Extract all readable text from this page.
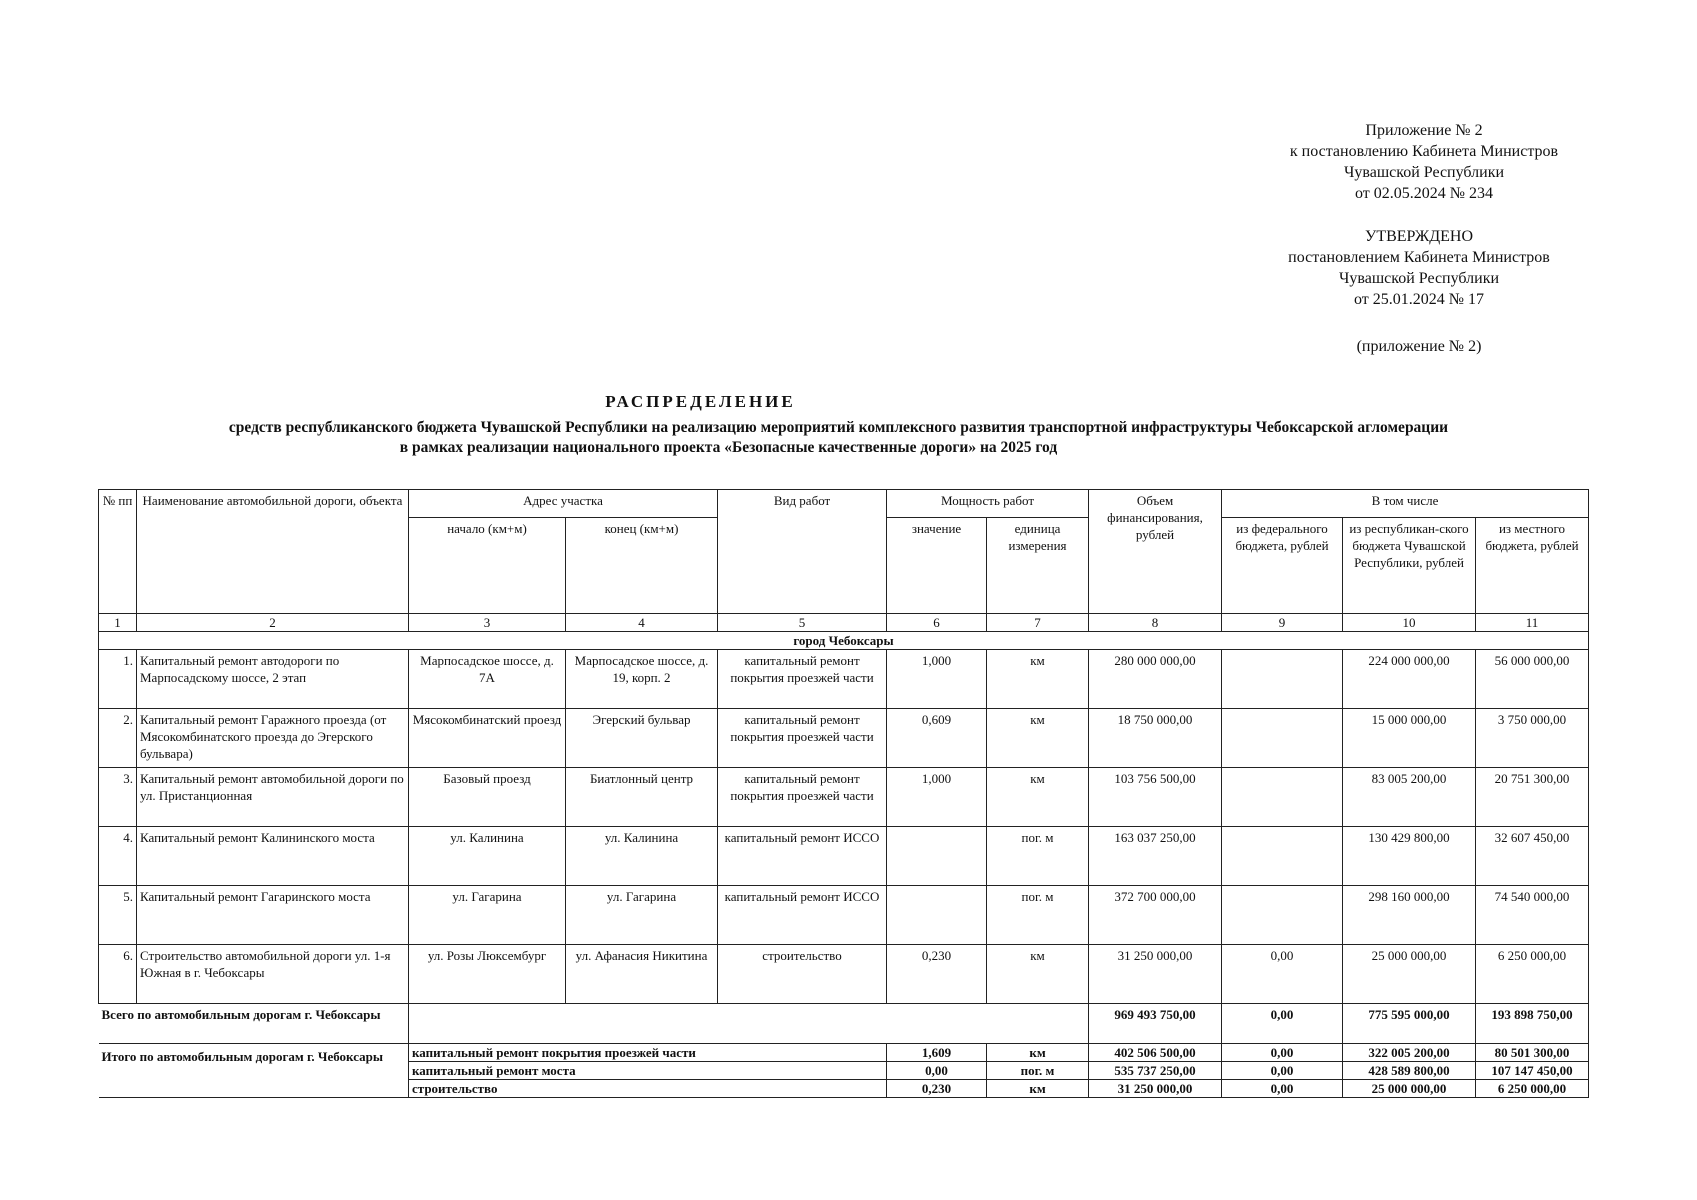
Приложение № 2
к постановлению Кабинета Министров
Чувашской Республики
от 02.05.2024 № 234
УТВЕРЖДЕНО
постановлением Кабинета Министров
Чувашской Республики
от 25.01.2024 № 17
(приложение № 2)
РАСПРЕДЕЛЕНИЕ
средств республиканского бюджета Чувашской Республики на реализацию мероприятий комплексного развития транспортной инфраструктуры Чебоксарской агломерации
в рамках реализации национального проекта «Безопасные качественные дороги» на 2025 год
№ пп	Наименование автомобильной дороги, объекта	Адрес участка		Вид работ	Мощность работ		Объем финансирования, рублей	В том числе		
		начало (км+м)	конец (км+м)		значение	единица измерения		из федерального бюджета, рублей	из республикан-ского бюджета Чувашской Республики, рублей	из местного бюджета, рублей
1	2	3	4	5	6	7	8	9	10	11
город Чебоксары										
1.	Капитальный ремонт автодороги по Марпосадскому шоссе, 2 этап	Марпосадское шоссе, д. 7А	Марпосадское шоссе, д. 19, корп. 2	капитальный ремонт покрытия проезжей части	1,000	км	280 000 000,00		224 000 000,00	56 000 000,00
2.	Капитальный ремонт Гаражного проезда (от Мясокомбинатского проезда до Эгерского бульвара)	Мясокомбинатский проезд	Эгерский бульвар	капитальный ремонт покрытия проезжей части	0,609	км	18 750 000,00		15 000 000,00	3 750 000,00
3.	Капитальный ремонт автомобильной дороги по ул. Пристанционная	Базовый проезд	Биатлонный центр	капитальный ремонт покрытия проезжей части	1,000	км	103 756 500,00		83 005 200,00	20 751 300,00
4.	Капитальный ремонт Калининского моста	ул. Калинина	ул. Калинина	капитальный ремонт ИССО		пог. м	163 037 250,00		130 429 800,00	32 607 450,00
5.	Капитальный ремонт Гагаринского моста	ул. Гагарина	ул. Гагарина	капитальный ремонт ИССО		пог. м	372 700 000,00		298 160 000,00	74 540 000,00
6.	Строительство автомобильной дороги ул. 1-я Южная в г. Чебоксары	ул. Розы Люксембург	ул. Афанасия Никитина	строительство	0,230	км	31 250 000,00	0,00	25 000 000,00	6 250 000,00
Всего по автомобильным дорогам г. Чебоксары							969 493 750,00	0,00	775 595 000,00	193 898 750,00
Итого по автомобильным дорогам г. Чебоксары		капитальный ремонт покрытия проезжей части			1,609	км	402 506 500,00	0,00	322 005 200,00	80 501 300,00
		капитальный ремонт моста			0,00	пог. м	535 737 250,00	0,00	428 589 800,00	107 147 450,00
		строительство			0,230	км	31 250 000,00	0,00	25 000 000,00	6 250 000,00
